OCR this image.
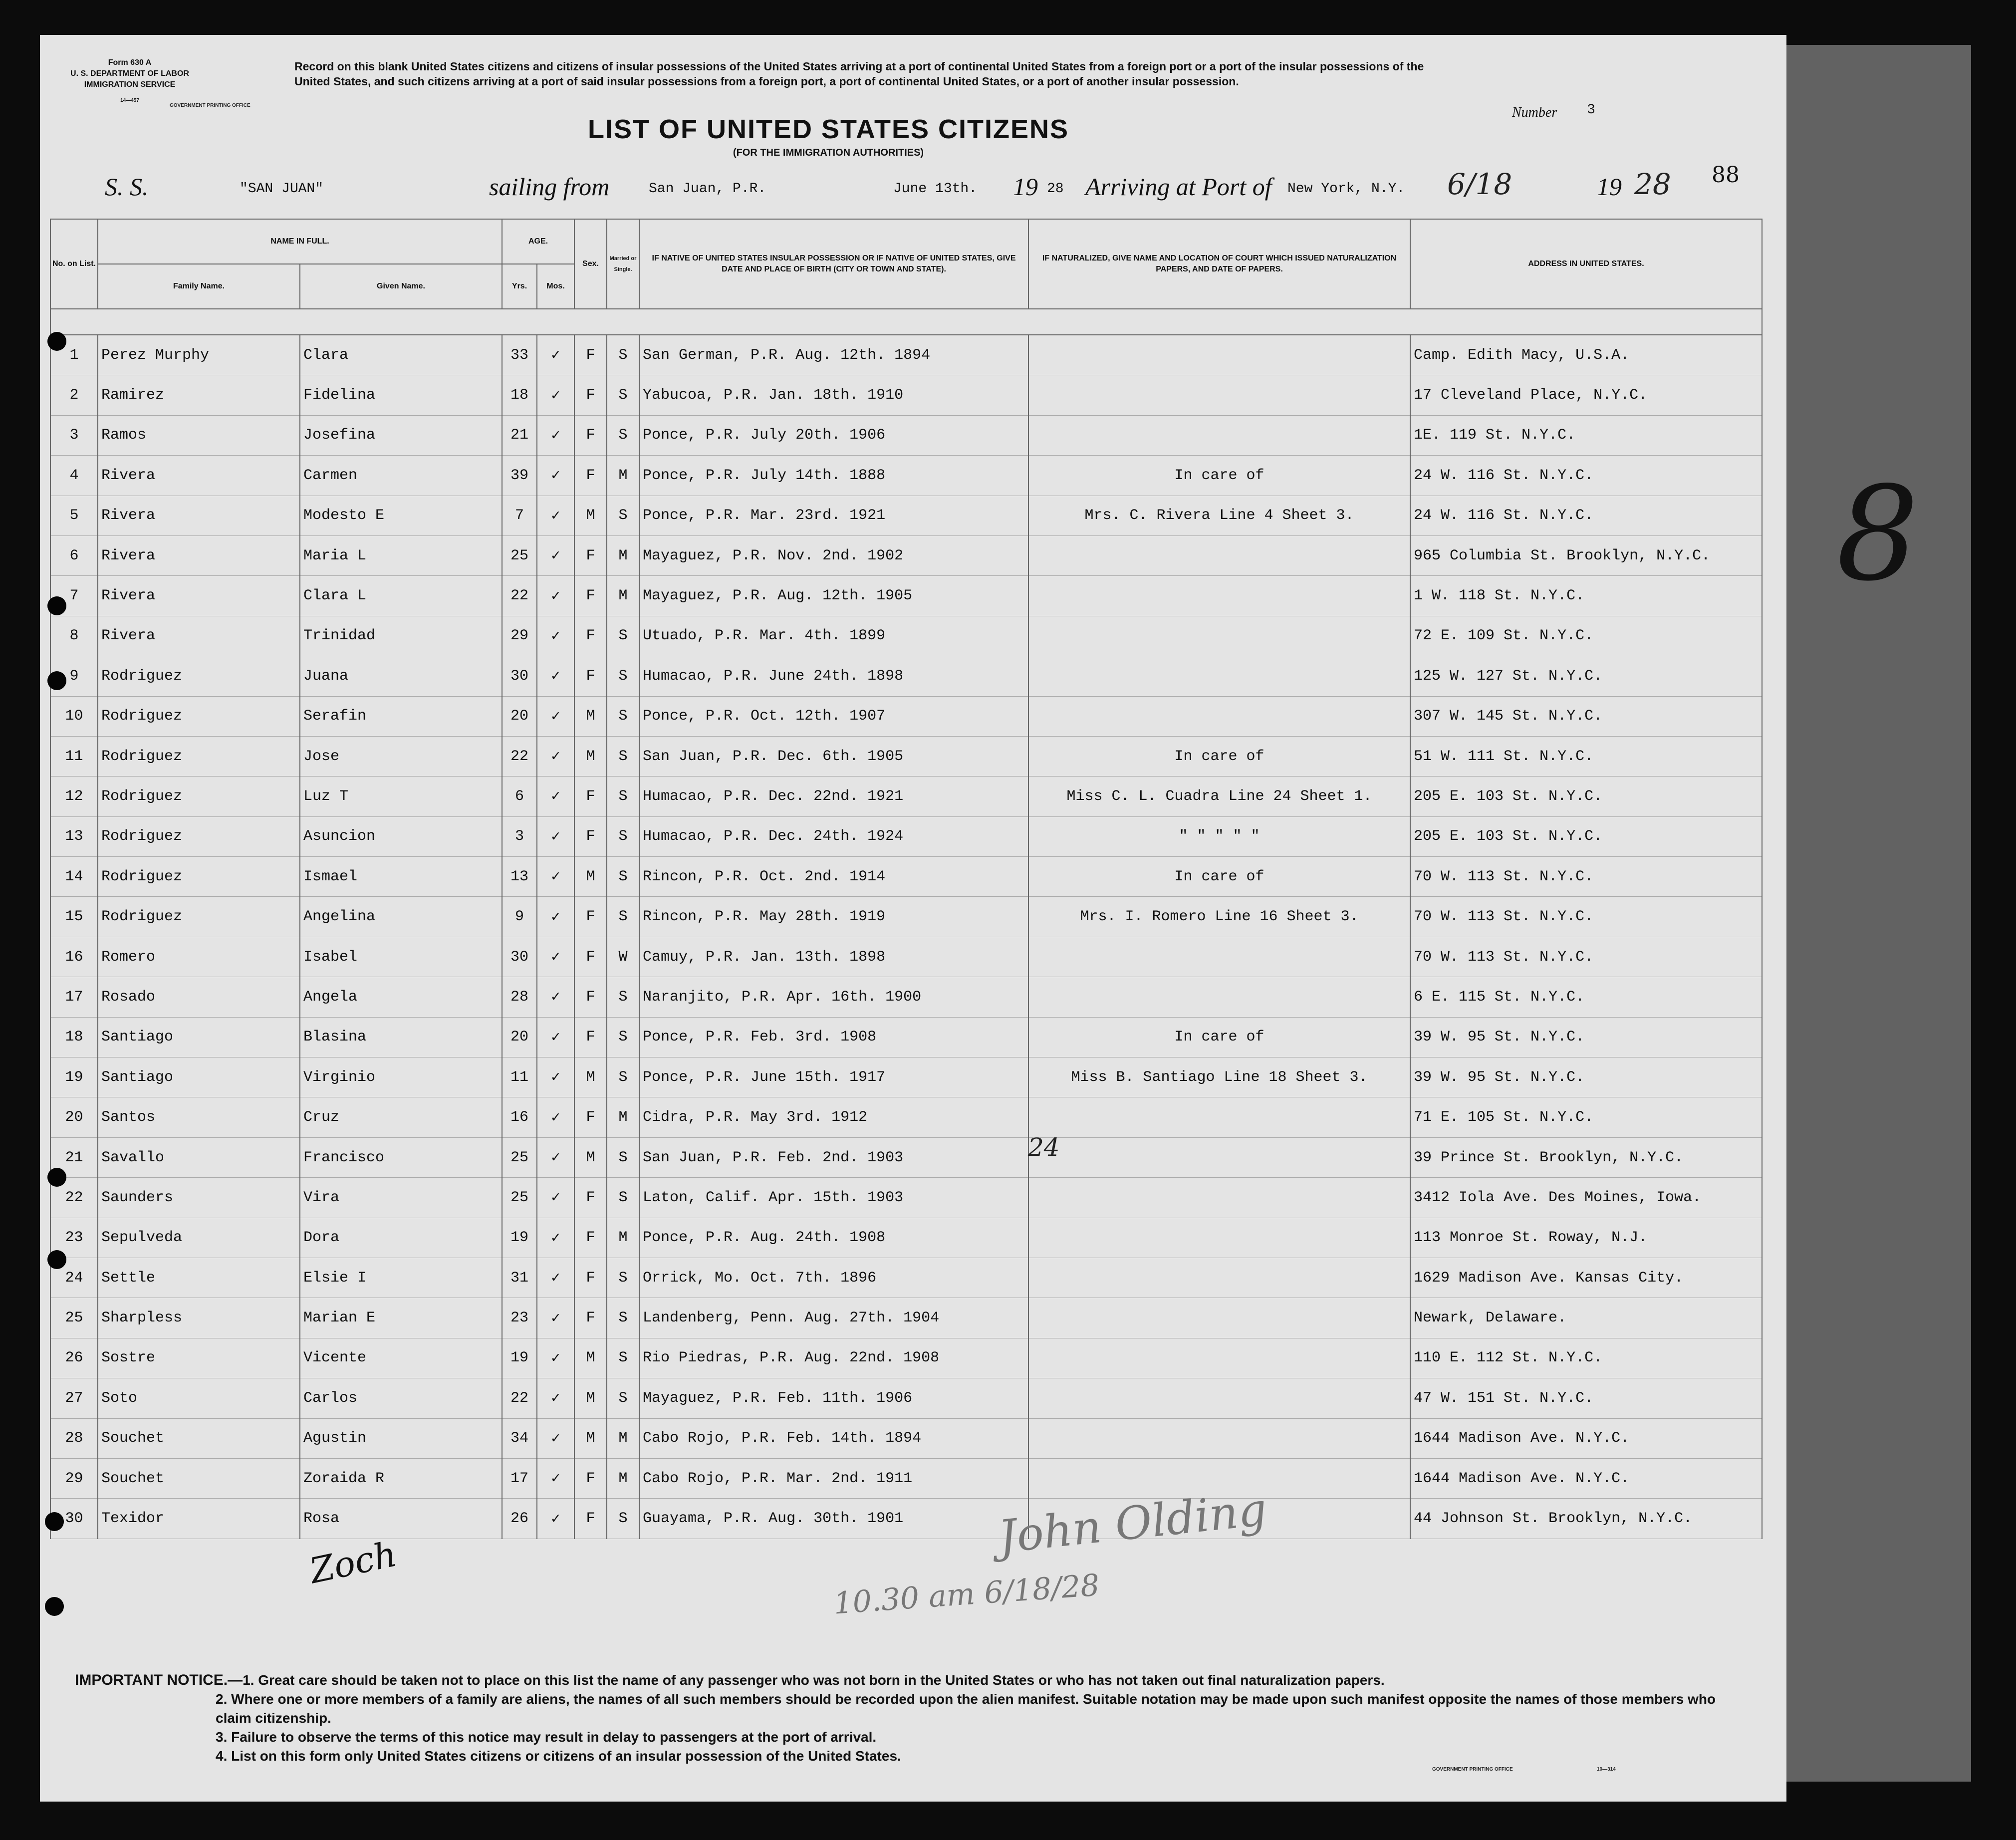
8
Form 630 A
U. S. DEPARTMENT OF LABOR
IMMIGRATION SERVICE
14—457
GOVERNMENT PRINTING OFFICE
Record on this blank United States citizens and citizens of insular possessions of the United States arriving at a port of continental United States from a foreign port or a port of the insular possessions of the United States, and such citizens arriving at a port of said insular possessions from a foreign port, a port of continental United States, or a port of another insular possession.
LIST OF UNITED STATES CITIZENS
(FOR THE IMMIGRATION AUTHORITIES)
Number 3
88
S. S.	"SAN JUAN"	sailing from	San Juan, P.R.	June 13th. 19 28 Arriving at Port of New York, N.Y. 6/18	19 28
No. on List.	NAME IN FULL.		AGE.		Sex.	Married or Single.	IF NATIVE OF UNITED STATES INSULAR POSSESSION OR IF NATIVE OF UNITED STATES, GIVE DATE AND PLACE OF BIRTH (CITY OR TOWN AND STATE).	IF NATURALIZED, GIVE NAME AND LOCATION OF COURT WHICH ISSUED NATURALIZATION PAPERS, AND DATE OF PAPERS.	ADDRESS IN UNITED STATES.
	Family Name.	Given Name.	Yrs.	Mos.					

1	Perez Murphy	Clara	33	✓	F	S	San German, P.R. Aug. 12th. 1894		Camp. Edith Macy, U.S.A.
2	Ramirez	Fidelina	18	✓	F	S	Yabucoa, P.R. Jan. 18th. 1910		17 Cleveland Place, N.Y.C.
3	Ramos	Josefina	21	✓	F	S	Ponce, P.R. July 20th. 1906		1E. 119 St. N.Y.C.
4	Rivera	Carmen	39	✓	F	M	Ponce, P.R. July 14th. 1888	In care of	24 W. 116 St. N.Y.C.
5	Rivera	Modesto E	7	✓	M	S	Ponce, P.R. Mar. 23rd. 1921	Mrs. C. Rivera Line 4 Sheet 3.	24 W. 116 St. N.Y.C.
6	Rivera	Maria L	25	✓	F	M	Mayaguez, P.R. Nov. 2nd. 1902		965 Columbia St. Brooklyn, N.Y.C.
7	Rivera	Clara L	22	✓	F	M	Mayaguez, P.R. Aug. 12th. 1905		1 W. 118 St. N.Y.C.
8	Rivera	Trinidad	29	✓	F	S	Utuado, P.R. Mar. 4th. 1899		72 E. 109 St. N.Y.C.
9	Rodriguez	Juana	30	✓	F	S	Humacao, P.R. June 24th. 1898		125 W. 127 St. N.Y.C.
10	Rodriguez	Serafin	20	✓	M	S	Ponce, P.R. Oct. 12th. 1907		307 W. 145 St. N.Y.C.
11	Rodriguez	Jose	22	✓	M	S	San Juan, P.R. Dec. 6th. 1905	In care of	51 W. 111 St. N.Y.C.
12	Rodriguez	Luz T	6	✓	F	S	Humacao, P.R. Dec. 22nd. 1921	Miss C. L. Cuadra Line 24 Sheet 1.	205 E. 103 St. N.Y.C.
13	Rodriguez	Asuncion	3	✓	F	S	Humacao, P.R. Dec. 24th. 1924	" " " " "	205 E. 103 St. N.Y.C.
14	Rodriguez	Ismael	13	✓	M	S	Rincon, P.R. Oct. 2nd. 1914	In care of	70 W. 113 St. N.Y.C.
15	Rodriguez	Angelina	9	✓	F	S	Rincon, P.R. May 28th. 1919	Mrs. I. Romero Line 16 Sheet 3.	70 W. 113 St. N.Y.C.
16	Romero	Isabel	30	✓	F	W	Camuy, P.R. Jan. 13th. 1898		70 W. 113 St. N.Y.C.
17	Rosado	Angela	28	✓	F	S	Naranjito, P.R. Apr. 16th. 1900		6 E. 115 St. N.Y.C.
18	Santiago	Blasina	20	✓	F	S	Ponce, P.R. Feb. 3rd. 1908	In care of	39 W. 95 St. N.Y.C.
19	Santiago	Virginio	11	✓	M	S	Ponce, P.R. June 15th. 1917	Miss B. Santiago Line 18 Sheet 3.	39 W. 95 St. N.Y.C.
20	Santos	Cruz	16	✓	F	M	Cidra, P.R. May 3rd. 1912		71 E. 105 St. N.Y.C.
21	Savallo	Francisco	25	✓	M	S	San Juan, P.R. Feb. 2nd. 1903		39 Prince St. Brooklyn, N.Y.C.
22	Saunders	Vira	25	✓	F	S	Laton, Calif. Apr. 15th. 1903		3412 Iola Ave. Des Moines, Iowa.
23	Sepulveda	Dora	19	✓	F	M	Ponce, P.R. Aug. 24th. 1908		113 Monroe St. Roway, N.J.
24	Settle	Elsie I	31	✓	F	S	Orrick, Mo. Oct. 7th. 1896		1629 Madison Ave. Kansas City.
25	Sharpless	Marian E	23	✓	F	S	Landenberg, Penn. Aug. 27th. 1904		Newark, Delaware.
26	Sostre	Vicente	19	✓	M	S	Rio Piedras, P.R. Aug. 22nd. 1908		110 E. 112 St. N.Y.C.
27	Soto	Carlos	22	✓	M	S	Mayaguez, P.R. Feb. 11th. 1906		47 W. 151 St. N.Y.C.
28	Souchet	Agustin	34	✓	M	M	Cabo Rojo, P.R. Feb. 14th. 1894		1644 Madison Ave. N.Y.C.
29	Souchet	Zoraida R	17	✓	F	M	Cabo Rojo, P.R. Mar. 2nd. 1911		1644 Madison Ave. N.Y.C.
30	Texidor	Rosa	26	✓	F	S	Guayama, P.R. Aug. 30th. 1901		44 Johnson St. Brooklyn, N.Y.C.
24
John Olding
10.30 am 6/18/28
Zoch
IMPORTANT NOTICE.—1. Great care should be taken not to place on this list the name of any passenger who was not born in the United States or who has not taken out final naturalization papers.
2. Where one or more members of a family are aliens, the names of all such members should be recorded upon the alien manifest. Suitable notation may be made upon such manifest opposite the names of those members who claim citizenship.
3. Failure to observe the terms of this notice may result in delay to passengers at the port of arrival.
4. List on this form only United States citizens or citizens of an insular possession of the United States.
GOVERNMENT PRINTING OFFICE	10—314
